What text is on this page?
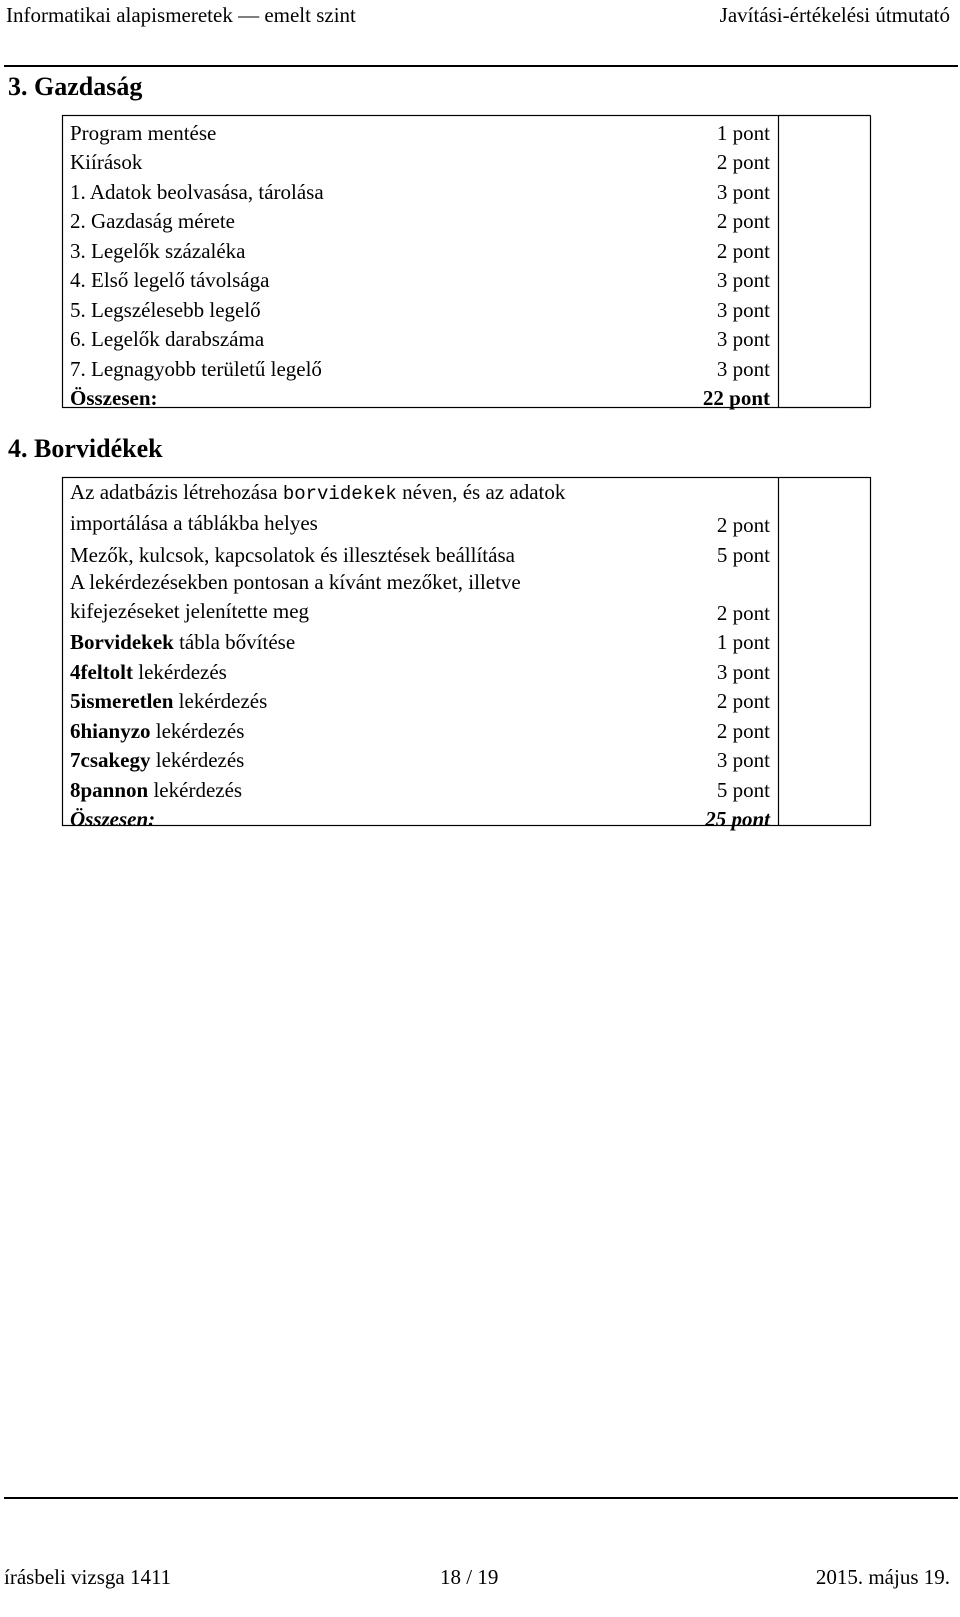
Informatikai alapismeretek — emelt szint	Javítási-értékelési útmutató
3. Gazdaság
Program mentése	1 pont
Kiírások	2 pont
1. Adatok beolvasása, tárolása	3 pont
2. Gazdaság mérete	2 pont
3. Legelők százaléka	2 pont
4. Első legelő távolsága	3 pont
5. Legszélesebb legelő	3 pont
6. Legelők darabszáma	3 pont
7. Legnagyobb területű legelő	3 pont
Összesen:	22 pont
4. Borvidékek
Az adatbázis létrehozása borvidekek néven, és az adatok
importálása a táblákba helyes	2 pont
Mezők, kulcsok, kapcsolatok és illesztések beállítása	5 pont

A lekérdezésekben pontosan a kívánt mezőket, illetve
kifejezéseket jelenítette meg	2 pont
Borvidekek tábla bővítése	1 pont
4feltolt lekérdezés	3 pont
5ismeretlen lekérdezés	2 pont
6hianyzo lekérdezés	2 pont
7csakegy lekérdezés	3 pont
8pannon lekérdezés	5 pont
Összesen:	25 pont
írásbeli vizsga 1411	18 / 19	2015. május 19.
